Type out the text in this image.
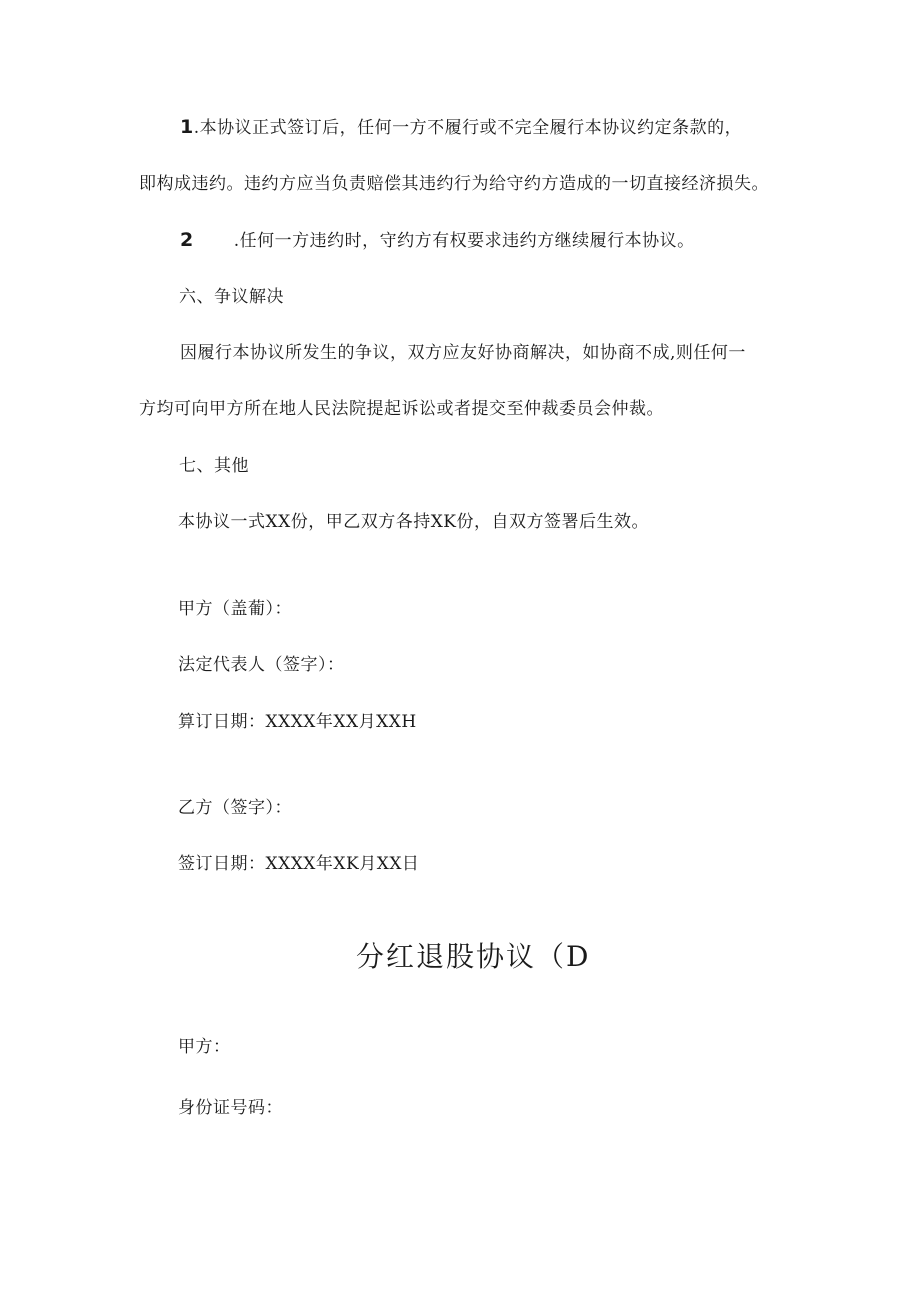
1.本协议正式签订后，任何一方不履行或不完全履行本协议约定条款的，
即构成违约。违约方应当负责赔偿其违约行为给守约方造成的一切直接经济损失。
2 .任何一方违约时，守约方有权要求违约方继续履行本协议。
六、争议解决
因履行本协议所发生的争议，双方应友好协商解决，如协商不成,则任何一
方均可向甲方所在地人民法院提起诉讼或者提交至仲裁委员会仲裁。
七、其他
本协议一式XX份，甲乙双方各持XK份，自双方签署后生效。
甲方（盖葡）：
法定代表人（签字）：
算订日期：XXXX年XX月XXH
乙方（签字）：
签订日期：XXXX年XK月XX日
分红退股协议（D
甲方：
身份证号码：
